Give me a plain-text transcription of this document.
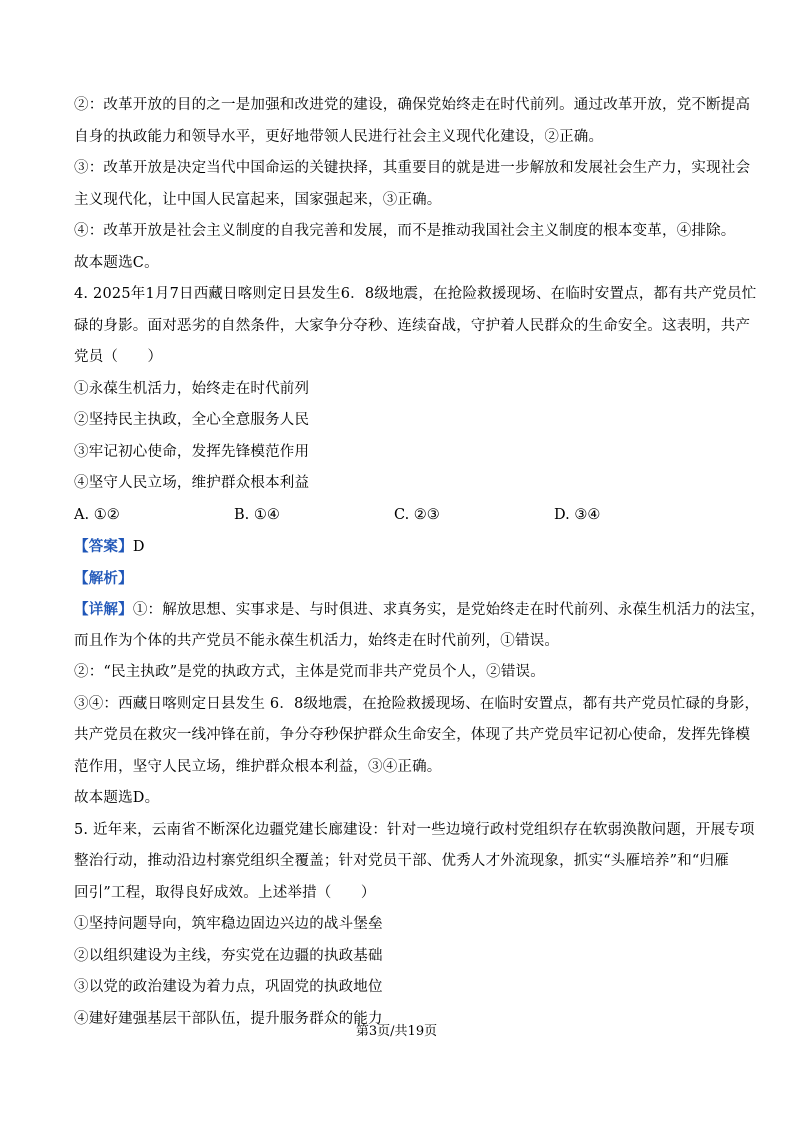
②：改革开放的目的之一是加强和改进党的建设，确保党始终走在时代前列。通过改革开放，党不断提高
自身的执政能力和领导水平，更好地带领人民进行社会主义现代化建设，②正确。
③：改革开放是决定当代中国命运的关键抉择，其重要目的就是进一步解放和发展社会生产力，实现社会
主义现代化，让中国人民富起来，国家强起来，③正确。
④：改革开放是社会主义制度的自我完善和发展，而不是推动我国社会主义制度的根本变革，④排除。
故本题选C。
4. 2025年1月7日西藏日喀则定日县发生6．8级地震，在抢险救援现场、在临时安置点，都有共产党员忙
碌的身影。面对恶劣的自然条件，大家争分夺秒、连续奋战，守护着人民群众的生命安全。这表明，共产
党员（　　）
①永葆生机活力，始终走在时代前列
②坚持民主执政，全心全意服务人民
③牢记初心使命，发挥先锋模范作用
④坚守人民立场，维护群众根本利益
A. ①②	B. ①④	C. ②③	D. ③④
【答案】D
【解析】
【详解】①：解放思想、实事求是、与时俱进、求真务实，是党始终走在时代前列、永葆生机活力的法宝，
而且作为个体的共产党员不能永葆生机活力，始终走在时代前列，①错误。
②：“民主执政”是党的执政方式，主体是党而非共产党员个人，②错误。
③④：西藏日喀则定日县发生 6．8级地震，在抢险救援现场、在临时安置点，都有共产党员忙碌的身影，
共产党员在救灾一线冲锋在前，争分夺秒保护群众生命安全，体现了共产党员牢记初心使命，发挥先锋模
范作用，坚守人民立场，维护群众根本利益，③④正确。
故本题选D。
5. 近年来，云南省不断深化边疆党建长廊建设：针对一些边境行政村党组织存在软弱涣散问题，开展专项
整治行动，推动沿边村寨党组织全覆盖；针对党员干部、优秀人才外流现象，抓实“头雁培养”和“归雁
回引”工程，取得良好成效。上述举措（　　）
①坚持问题导向，筑牢稳边固边兴边的战斗堡垒
②以组织建设为主线，夯实党在边疆的执政基础
③以党的政治建设为着力点，巩固党的执政地位
④建好建强基层干部队伍，提升服务群众的能力
第3页/共19页
